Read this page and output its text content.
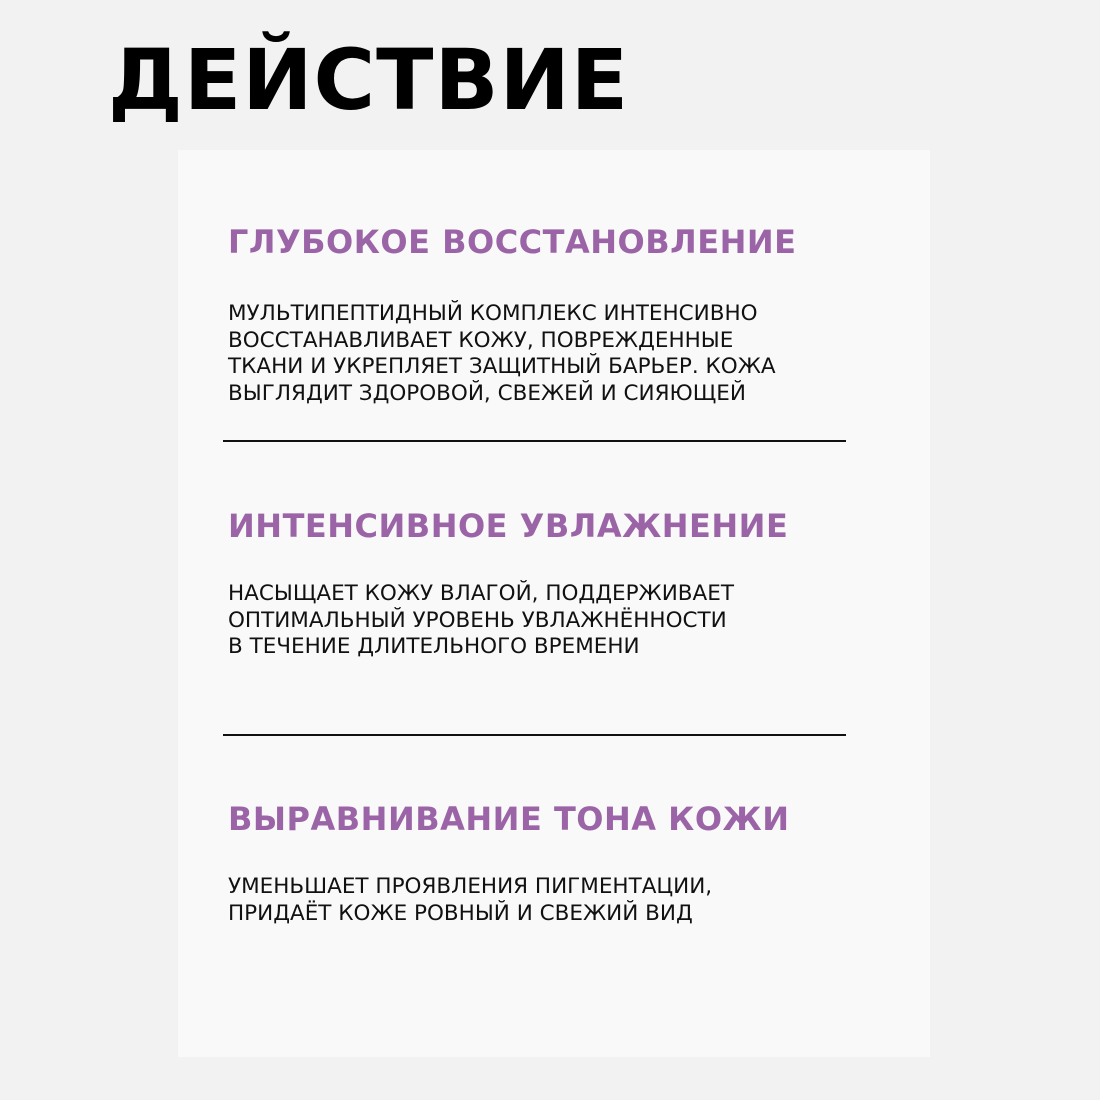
ДЕЙСТВИЕ
ГЛУБОКОЕ ВОССТАНОВЛЕНИЕ

МУЛЬТИПЕПТИДНЫЙ КОМПЛЕКС ИНТЕНСИВНО
ВОССТАНАВЛИВАЕТ КОЖУ, ПОВРЕЖДЕННЫЕ
ТКАНИ И УКРЕПЛЯЕТ ЗАЩИТНЫЙ БАРЬЕР. КОЖА
ВЫГЛЯДИТ ЗДОРОВОЙ, СВЕЖЕЙ И СИЯЮЩЕЙ

ИНТЕНСИВНОЕ УВЛАЖНЕНИЕ

НАСЫЩАЕТ КОЖУ ВЛАГОЙ, ПОДДЕРЖИВАЕТ
ОПТИМАЛЬНЫЙ УРОВЕНЬ УВЛАЖНЁННОСТИ
В ТЕЧЕНИЕ ДЛИТЕЛЬНОГО ВРЕМЕНИ

ВЫРАВНИВАНИЕ ТОНА КОЖИ

УМЕНЬШАЕТ ПРОЯВЛЕНИЯ ПИГМЕНТАЦИИ,
ПРИДАЁТ КОЖЕ РОВНЫЙ И СВЕЖИЙ ВИД
